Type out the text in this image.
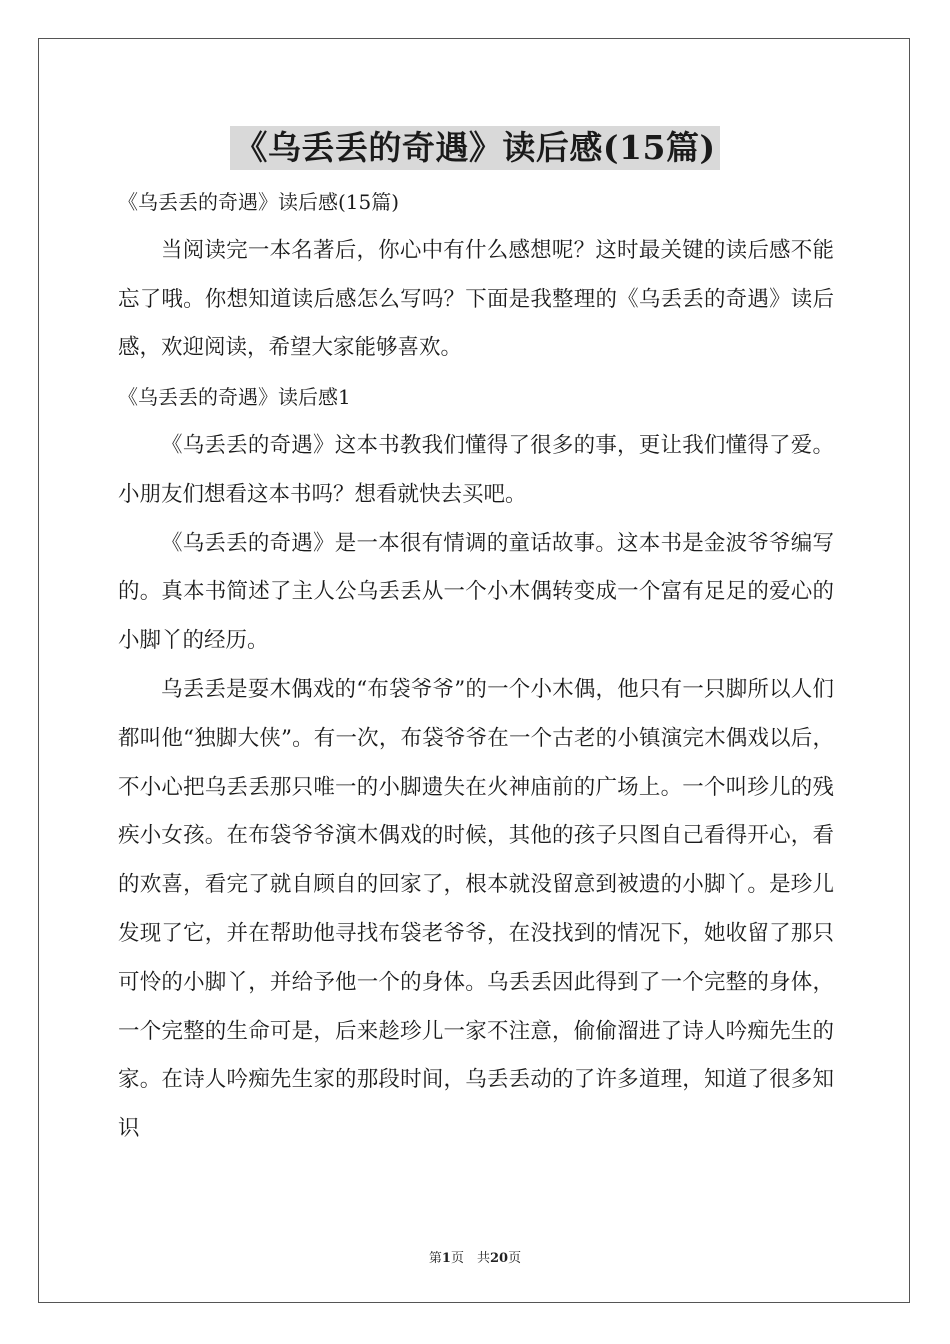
《乌丢丢的奇遇》读后感(15篇)

《乌丢丢的奇遇》读后感(15篇)

当阅读完一本名著后，你心中有什么感想呢？这时最关键的读后感不能忘了哦。你想知道读后感怎么写吗？下面是我整理的《乌丢丢的奇遇》读后感，欢迎阅读，希望大家能够喜欢。

《乌丢丢的奇遇》读后感1

《乌丢丢的奇遇》这本书教我们懂得了很多的事，更让我们懂得了爱。小朋友们想看这本书吗？想看就快去买吧。

《乌丢丢的奇遇》是一本很有情调的童话故事。这本书是金波爷爷编写的。真本书简述了主人公乌丢丢从一个小木偶转变成一个富有足足的爱心的小脚丫的经历。

乌丢丢是耍木偶戏的“布袋爷爷”的一个小木偶，他只有一只脚所以人们都叫他“独脚大侠”。有一次，布袋爷爷在一个古老的小镇演完木偶戏以后，不小心把乌丢丢那只唯一的小脚遗失在火神庙前的广场上。一个叫珍儿的残疾小女孩。在布袋爷爷演木偶戏的时候，其他的孩子只图自己看得开心，看的欢喜，看完了就自顾自的回家了，根本就没留意到被遗的小脚丫。是珍儿发现了它，并在帮助他寻找布袋老爷爷，在没找到的情况下，她收留了那只可怜的小脚丫，并给予他一个的身体。乌丢丢因此得到了一个完整的身体，一个完整的生命可是，后来趁珍儿一家不注意，偷偷溜进了诗人吟痴先生的家。在诗人吟痴先生家的那段时间，乌丢丢动的了许多道理，知道了很多知识

第1页　共20页
